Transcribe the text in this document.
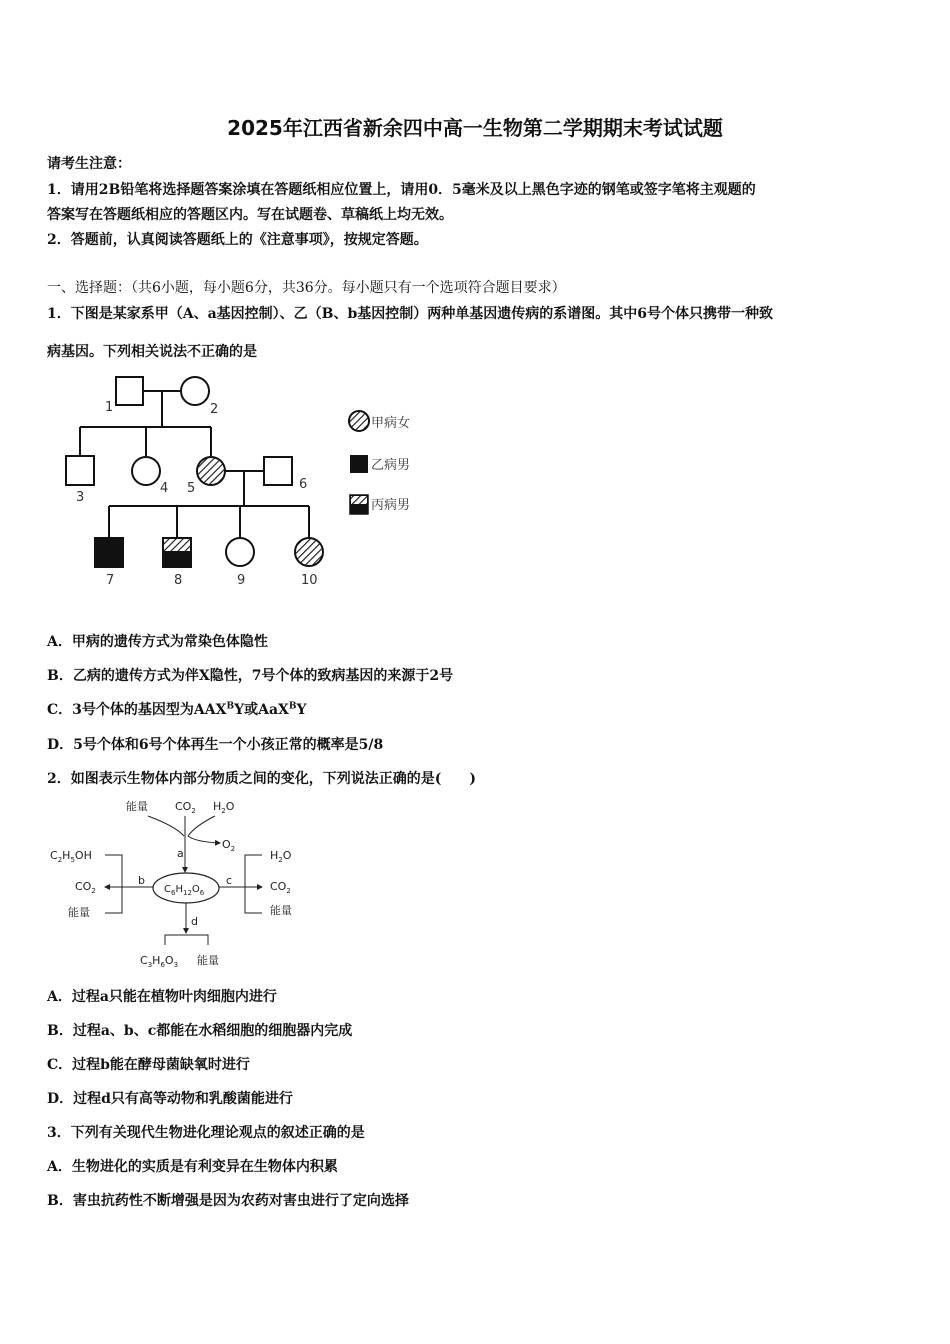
2025年江西省新余四中高一生物第二学期期末考试试题
请考生注意：
1．请用2B铅笔将选择题答案涂填在答题纸相应位置上，请用0．5毫米及以上黑色字迹的钢笔或签字笔将主观题的
答案写在答题纸相应的答题区内。写在试题卷、草稿纸上均无效。
2．答题前，认真阅读答题纸上的《注意事项》，按规定答题。
一、选择题：（共6小题，每小题6分，共36分。每小题只有一个选项符合题目要求）
1．下图是某家系甲（A、a基因控制）、乙（B、b基因控制）两种单基因遗传病的系谱图。其中6号个体只携带一种致
病基因。下列相关说法不正确的是
1	2
3
4 5	6
7	8	9	10
甲病女
乙病男
丙病男
A．甲病的遗传方式为常染色体隐性
B．乙病的遗传方式为伴X隐性，7号个体的致病基因的来源于2号
C．3号个体的基因型为$AAX^BY$或AaX$^B$Y
D．5号个体和6号个体再生一个小孩正常的概率是5/8
2．如图表示生物体内部分物质之间的变化，下列说法正确的是(　　)
能量 $CO_2$ $H_2O$
$O_2$
$C_2H_5OH$
$CO_2$
能量
$H_2O$
$CO_2$
能量
$C_3H_6O_3$ 能量
a
b	c
d
$C_6H_{12}O_6$
A．过程a只能在植物叶肉细胞内进行
B．过程a、b、c都能在水稻细胞的细胞器内完成
C．过程b能在酵母菌缺氧时进行
D．过程d只有高等动物和乳酸菌能进行
3．下列有关现代生物进化理论观点的叙述正确的是
A．生物进化的实质是有利变异在生物体内积累
B．害虫抗药性不断增强是因为农药对害虫进行了定向选择
